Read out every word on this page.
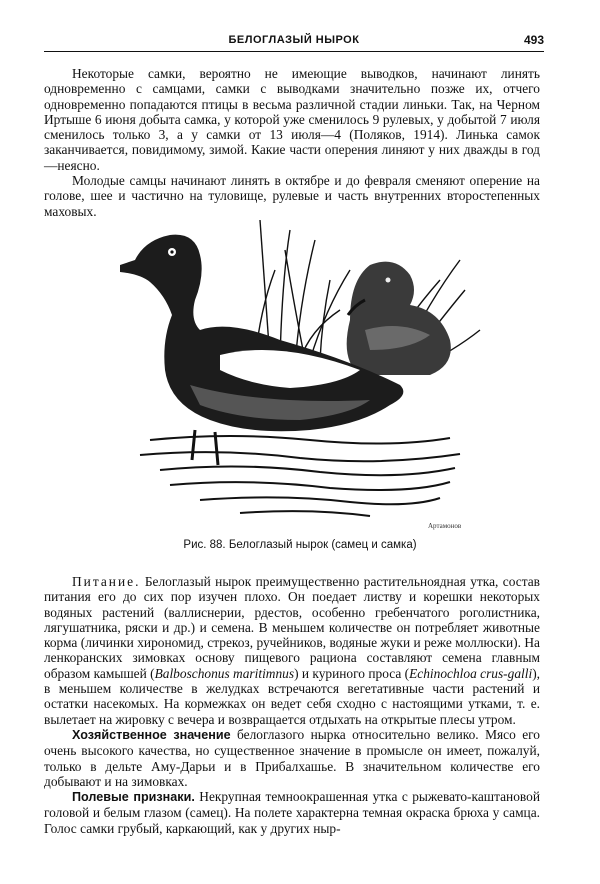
БЕЛОГЛАЗЫЙ НЫРОК	493

Некоторые самки, вероятно не имеющие выводков, начинают линять одновременно с самцами, самки с выводками значительно позже их, отчего одновременно попадаются птицы в весьма различной стадии линьки. Так, на Черном Иртыше 6 июня добыта самка, у которой уже сменилось 9 рулевых, у добытой 7 июля сменилось только 3, а у самки от 13 июля—4 (Поляков, 1914). Линька самок заканчивается, повидимому, зимой. Какие части оперения линяют у них дважды в год—неясно.

Молодые самцы начинают линять в октябре и до февраля сменяют оперение на голове, шее и частично на туловище, рулевые и часть внутренних второстепенных маховых.

Артамонов
Рис. 88. Белоглазый нырок (самец и самка)

Питание. Белоглазый нырок преимущественно растительноядная утка, состав питания его до сих пор изучен плохо. Он поедает листву и корешки некоторых водяных растений (валлиснерии, рдестов, особенно гребенчатого роголистника, лягушатника, ряски и др.) и семена. В меньшем количестве он потребляет животные корма (личинки хирономид, стрекоз, ручейников, водяные жуки и реже моллюски). На ленкоранских зимовках основу пищевого рациона составляют семена главным образом камышей (Balboschonus maritimnus) и куриного проса (Echinochloa crus-galli), в меньшем количестве в желудках встречаются вегетативные части растений и остатки насекомых. На кормежках он ведет себя сходно с настоящими утками, т. е. вылетает на жировку с вечера и возвращается отдыхать на открытые плесы утром.

Хозяйственное значение белоглазого нырка относительно велико. Мясо его очень высокого качества, но существенное значение в промысле он имеет, пожалуй, только в дельте Аму-Дарьи и в Прибалхашье. В значительном количестве его добывают и на зимовках.

Полевые признаки. Некрупная темноокрашенная утка с рыжевато-каштановой головой и белым глазом (самец). На полете характерна темная окраска брюха у самца. Голос самки грубый, каркающий, как у других ныр-
